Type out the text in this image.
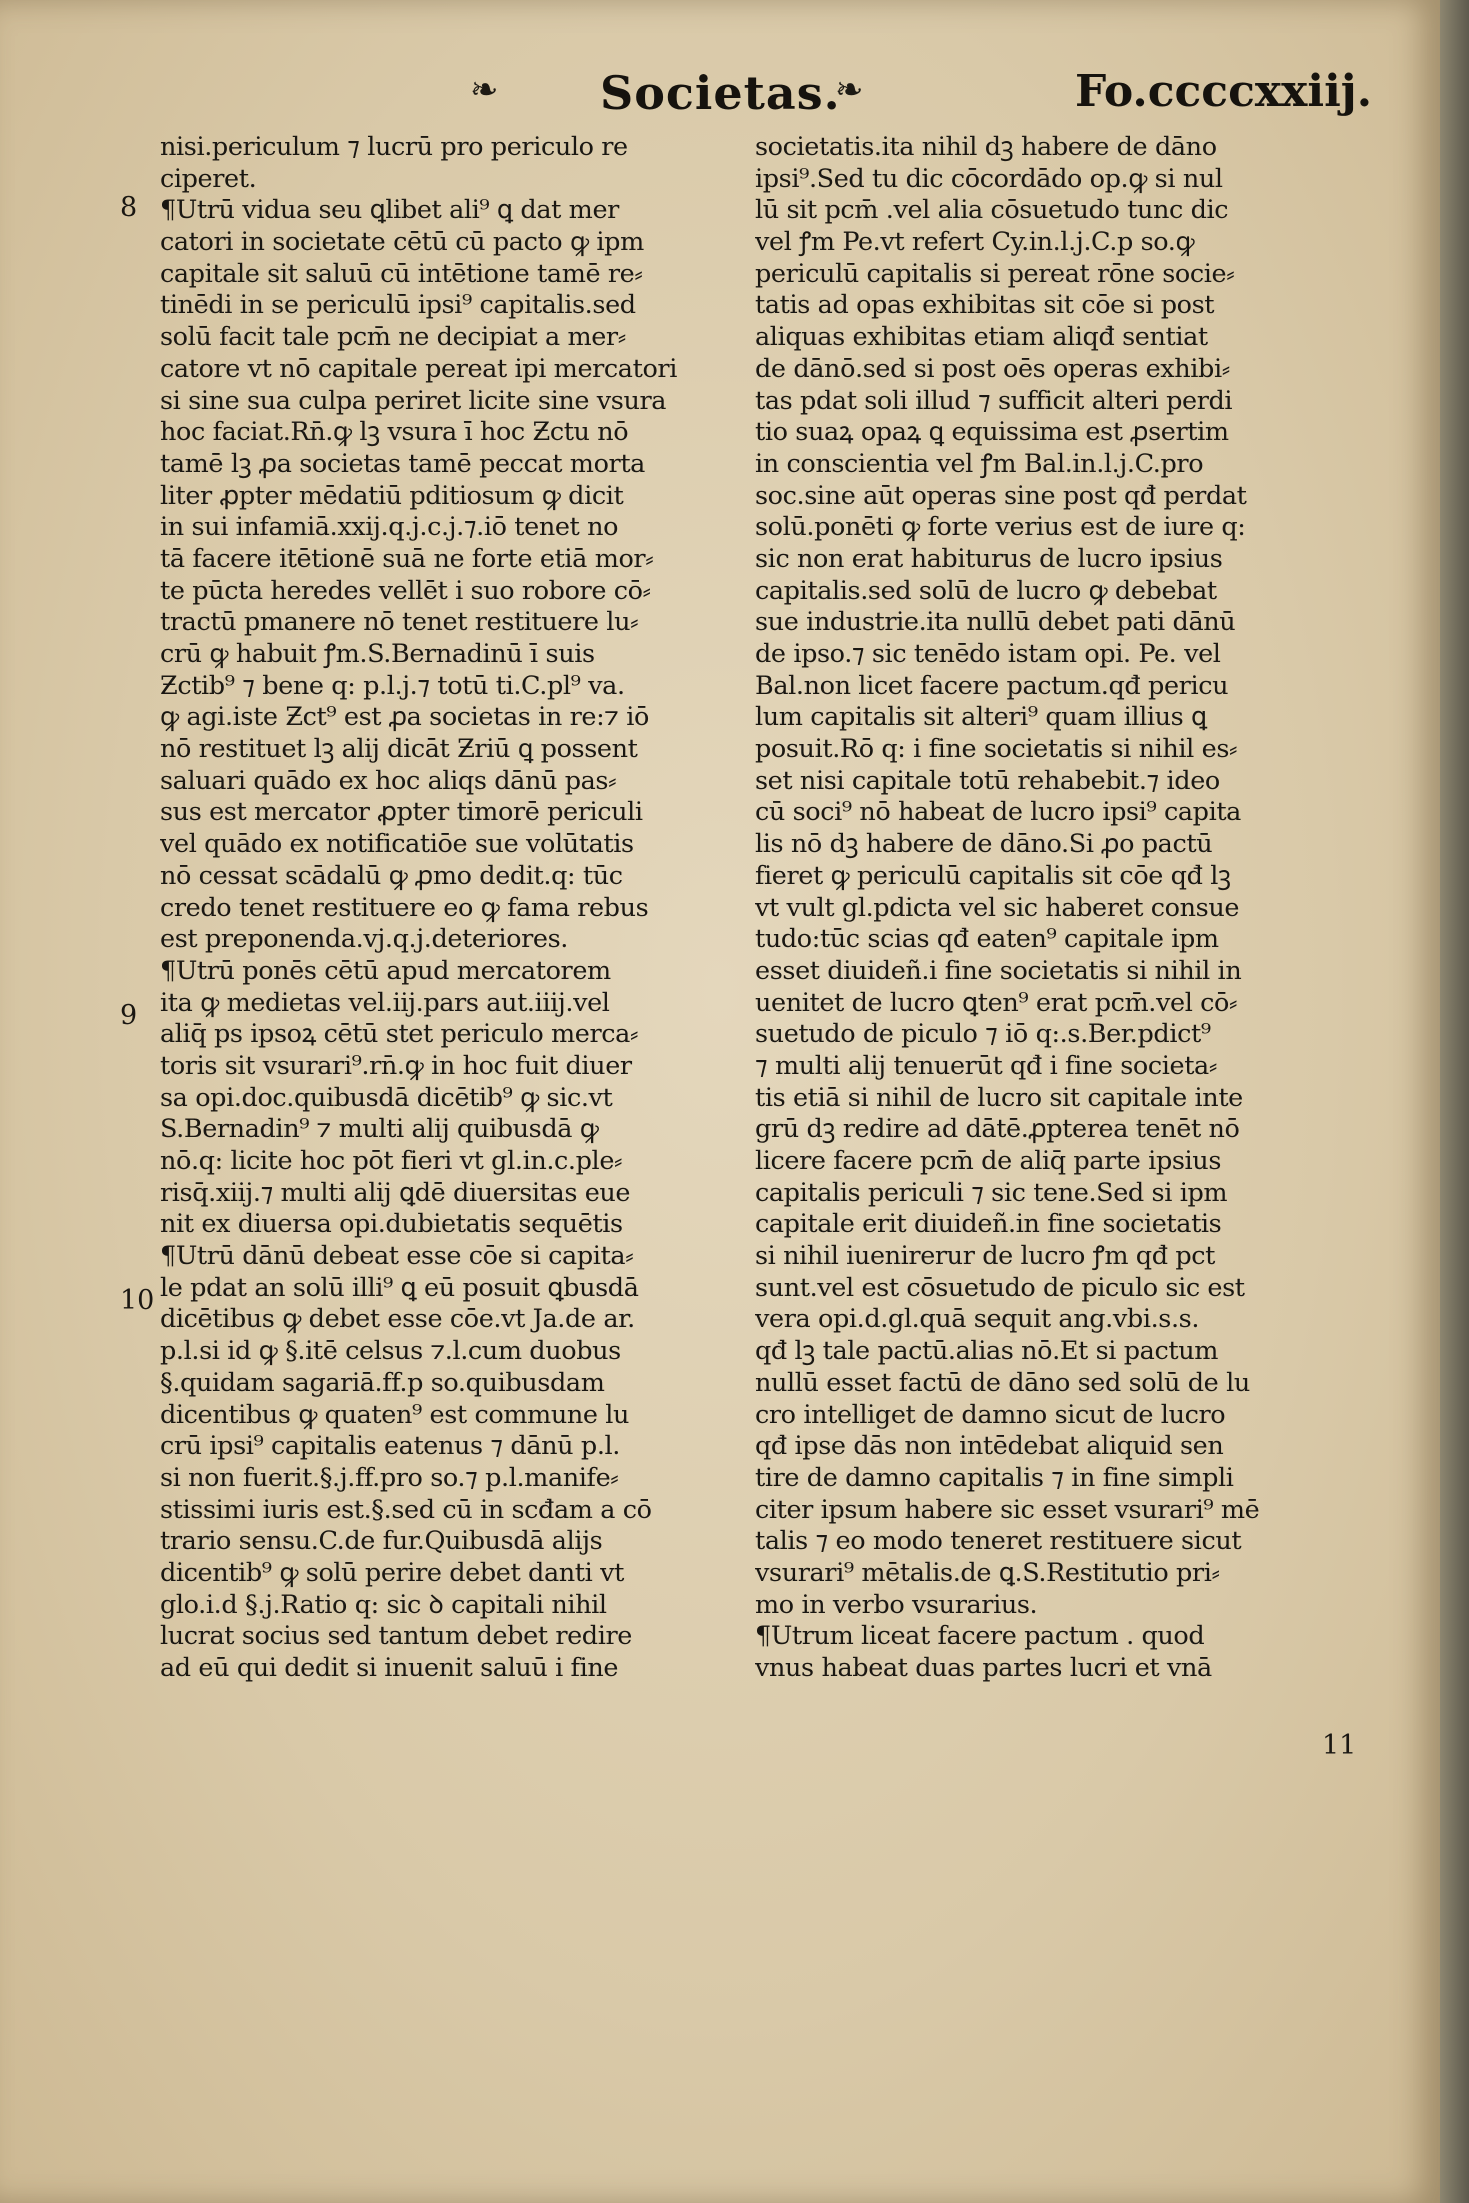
❧ Societas.
❧	Fo.ccccxxiij.
8
9
10
11
nisi.periculum ⁊ lucrū pro periculo re
ciperet.
¶Utrū vidua seu ꝗlibet ali⁹ ꝗ dat mer
catori in societate cētū cū pacto ꝙ ipm
capitale sit saluū cū intētione tamē re⸗
tinēdi in se periculū ipsi⁹ capitalis.sed
solū facit tale pcm̄ ne decipiat a mer⸗
catore vt nō capitale pereat ipi mercatori
si sine sua culpa periret licite sine vsura
hoc faciat.Rn̄.ꝙ lꝫ vsura ī hoc Ƶctu nō
tamē lꝫ ꝓa societas tamē peccat morta
liter ꝓpter mēdatiū pditiosum ꝙ dicit
in sui infamiā.xxij.q.j.c.j.⁊.iō tenet no
tā facere itētionē suā ne forte etiā mor⸗
te pūcta heredes vellēt i suo robore cō⸗
tractū pmanere nō tenet restituere lu⸗
crū ꝙ habuit ꝭm.S.Bernadinū ī suis
Ƶctib⁹ ⁊ bene q: p.l.j.⁊ totū ti.C.pl⁹ va.
ꝙ agi.iste Ƶct⁹ est ꝓa societas in re:⁊ iō
nō restituet lꝫ alij dicāt Ƶriū ꝗ possent
saluari quādo ex hoc aliqs dānū pas⸗
sus est mercator ꝓpter timorē periculi
vel quādo ex notificatiōe sue volūtatis
nō cessat scādalū ꝙ ꝓmo dedit.q: tūc
credo tenet restituere eo ꝙ fama rebus
est preponenda.vj.q.j.deteriores.
¶Utrū ponēs cētū apud mercatorem
ita ꝙ medietas vel.iij.pars aut.iiij.vel
aliq̄ ps ipsoꝝ cētū stet periculo merca⸗
toris sit vsurari⁹.rn̄.ꝙ in hoc fuit diuer
sa opi.doc.quibusdā dicētib⁹ ꝙ sic.vt
S.Bernadin⁹ ⁊ multi alij quibusdā ꝙ
nō.q: licite hoc pōt fieri vt gl.in.c.ple⸗
risq̄.xiij.⁊ multi alij ꝗdē diuersitas eue
nit ex diuersa opi.dubietatis sequētis
¶Utrū dānū debeat esse cōe si capita⸗
le pdat an solū illi⁹ ꝗ eū posuit ꝗbusdā
dicētibus ꝙ debet esse cōe.vt Ja.de ar.
p.l.si id ꝙ §.itē celsus ⁊.l.cum duobus
§.quidam sagariā.ff.p so.quibusdam
dicentibus ꝙ quaten⁹ est commune lu
crū ipsi⁹ capitalis eatenus ⁊ dānū p.l.
si non fuerit.§.j.ff.pro so.⁊ p.l.manife⸗
stissimi iuris est.§.sed cū in scđam a cō
trario sensu.C.de fur.Quibusdā alijs
dicentib⁹ ꝙ solū perire debet danti vt
glo.i.d §.j.Ratio q: sic ꝺ capitali nihil
lucrat socius sed tantum debet redire
ad eū qui dedit si inuenit saluū i fine
societatis.ita nihil dꝫ habere de dāno
ipsi⁹.Sed tu dic cōcordādo op.ꝙ si nul
lū sit pcm̄ .vel alia cōsuetudo tunc dic
vel ꝭm Pe.vt refert Cy.in.l.j.C.p so.ꝙ
periculū capitalis si pereat rōne socie⸗
tatis ad opas exhibitas sit cōe si post
aliquas exhibitas etiam aliqđ sentiat
de dānō.sed si post oēs operas exhibi⸗
tas pdat soli illud ⁊ sufficit alteri perdi
tio suaꝝ opaꝝ ꝗ equissima est ꝓsertim
in conscientia vel ꝭm Bal.in.l.j.C.pro
soc.sine aūt operas sine post qđ perdat
solū.ponēti ꝙ forte verius est de iure q:
sic non erat habiturus de lucro ipsius
capitalis.sed solū de lucro ꝙ debebat
sue industrie.ita nullū debet pati dānū
de ipso.⁊ sic tenēdo istam opi. Pe. vel
Bal.non licet facere pactum.qđ pericu
lum capitalis sit alteri⁹ quam illius ꝗ
posuit.Rō q: i fine societatis si nihil es⸗
set nisi capitale totū rehabebit.⁊ ideo
cū soci⁹ nō habeat de lucro ipsi⁹ capita
lis nō dꝫ habere de dāno.Si ꝓo pactū
fieret ꝙ periculū capitalis sit cōe qđ lꝫ
vt vult gl.pdicta vel sic haberet consue
tudo:tūc scias qđ eaten⁹ capitale ipm
esset diuideñ.i fine societatis si nihil in
uenitet de lucro ꝗten⁹ erat pcm̄.vel cō⸗
suetudo de piculo ⁊ iō q:.s.Ber.pdict⁹
⁊ multi alij tenuerūt qđ i fine societa⸗
tis etiā si nihil de lucro sit capitale inte
grū dꝫ redire ad dātē.ꝓpterea tenēt nō
licere facere pcm̄ de aliq̄ parte ipsius
capitalis periculi ⁊ sic tene.Sed si ipm
capitale erit diuideñ.in fine societatis
si nihil iuenirerur de lucro ꝭm qđ pct
sunt.vel est cōsuetudo de piculo sic est
vera opi.d.gl.quā sequit ang.vbi.s.s.
qđ lꝫ tale pactū.alias nō.Et si pactum
nullū esset factū de dāno sed solū de lu
cro intelliget de damno sicut de lucro
qđ ipse dās non intēdebat aliquid sen
tire de damno capitalis ⁊ in fine simpli
citer ipsum habere sic esset vsurari⁹ mē
talis ⁊ eo modo teneret restituere sicut
vsurari⁹ mētalis.de ꝗ.S.Restitutio pri⸗
mo in verbo vsurarius.
¶Utrum liceat facere pactum . quod
vnus habeat duas partes lucri et vnā
